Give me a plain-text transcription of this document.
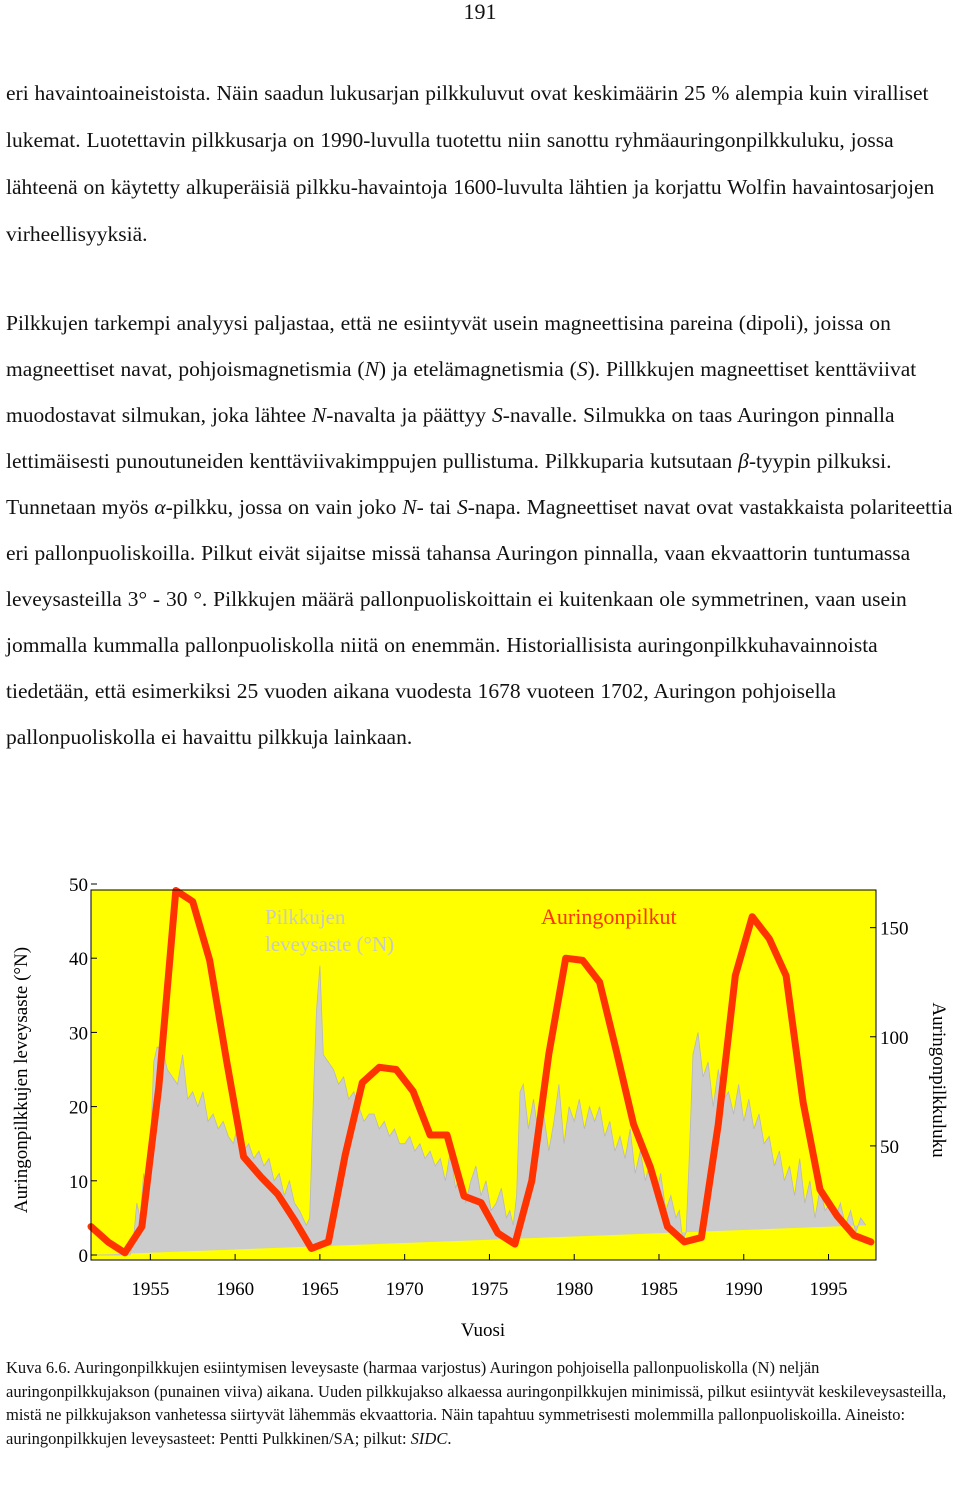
191

eri havaintoaineistoista. Näin saadun lukusarjan pilkkuluvut ovat keskimäärin 25 % alempia kuin viralliset lukemat. Luotettavin pilkkusarja on 1990-luvulla tuotettu niin sanottu ryhmäauringonpilkkuluku, jossa lähteenä on käytetty alkuperäisiä pilkku-havaintoja 1600-luvulta lähtien ja korjattu Wolfin havaintosarjojen virheellisyyksiä.

Pilkkujen tarkempi analyysi paljastaa, että ne esiintyvät usein magneettisina pareina (dipoli), joissa on magneettiset navat, pohjoismagnetismia (N) ja etelämagnetismia (S). Pillkkujen magneettiset kenttäviivat muodostavat silmukan, joka lähtee N-navalta ja päättyy S-navalle. Silmukka on taas Auringon pinnalla lettimäisesti punoutuneiden kenttäviivakimppujen pullistuma. Pilkkuparia kutsutaan β-tyypin pilkuksi. Tunnetaan myös α-pilkku, jossa on vain joko N- tai S-napa. Magneettiset navat ovat vastakkaista polariteettia eri pallonpuoliskoilla. Pilkut eivät sijaitse missä tahansa Auringon pinnalla, vaan ekvaattorin tuntumassa leveysasteilla 3° - 30 °. Pilkkujen määrä pallonpuoliskoittain ei kuitenkaan ole symmetrinen, vaan usein jommalla kummalla pallonpuoliskolla niitä on enemmän. Historiallisista auringonpilkkuhavainnoista tiedetään, että esimerkiksi 25 vuoden aikana vuodesta 1678 vuoteen 1702, Auringon pohjoisella pallonpuoliskolla ei havaittu pilkkuja lainkaan.

1955 1960 1965 1970 1975 1980 1985 1990 1995
0
10
20
30
40
50
50
100
150
Pilkkujen
leveysaste (°N)
Auringonpilkut
Vuosi
Auringonpilkkujen leveysaste (°N)	Auringonpilkkuluku

Kuva 6.6. Auringonpilkkujen esiintymisen leveysaste (harmaa varjostus) Auringon pohjoisella pallonpuoliskolla (N) neljän auringonpilkkujakson (punainen viiva) aikana. Uuden pilkkujakso alkaessa auringonpilkkujen minimissä, pilkut esiintyvät keskileveysasteilla, mistä ne pilkkujakson vanhetessa siirtyvät lähemmäs ekvaattoria. Näin tapahtuu symmetrisesti molemmilla pallonpuoliskoilla. Aineisto: auringonpilkkujen leveysasteet: Pentti Pulkkinen/SA; pilkut: SIDC.
